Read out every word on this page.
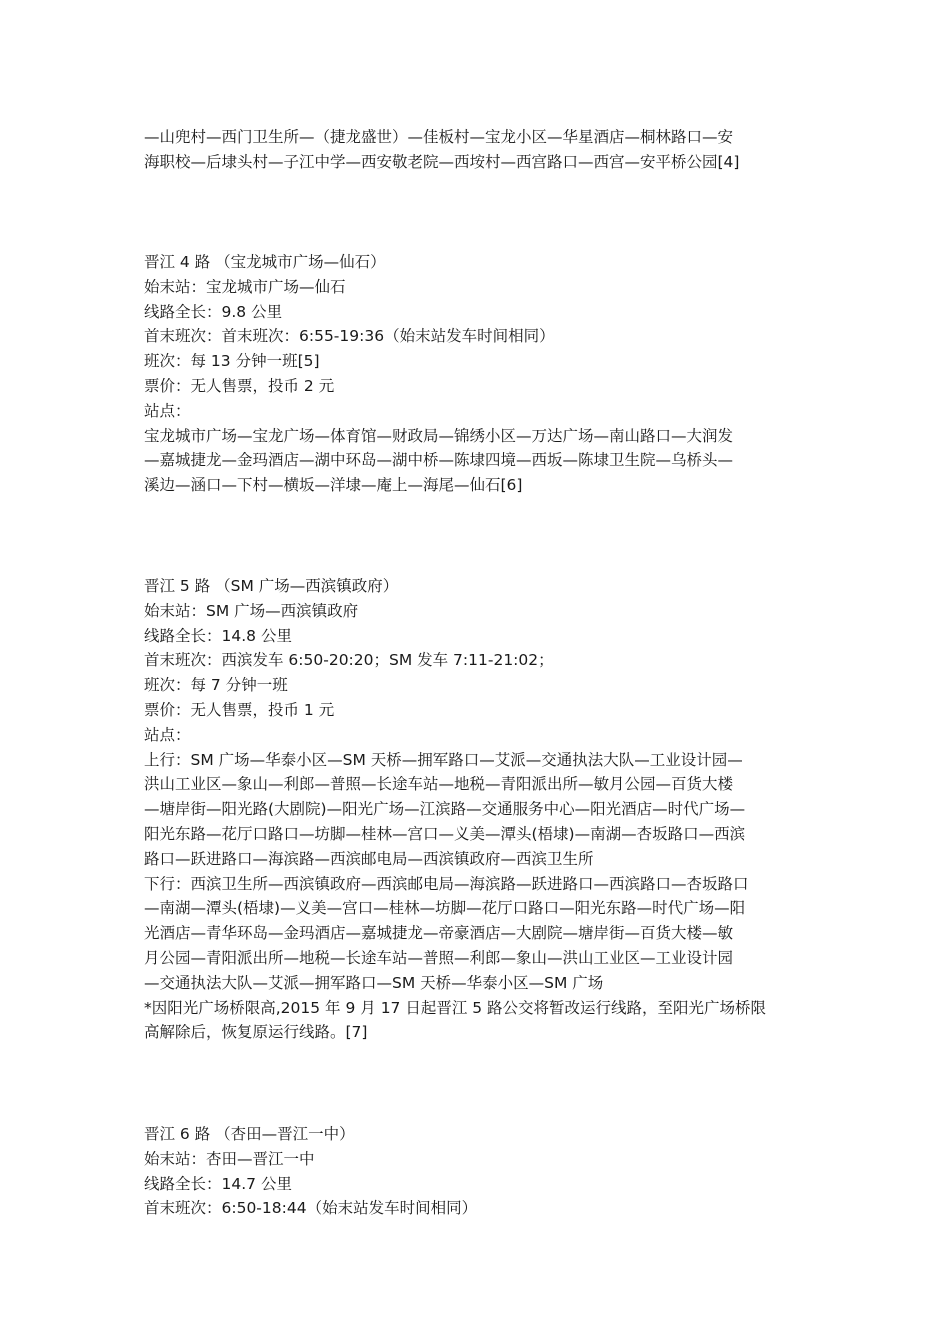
—山兜村—西门卫生所—（捷龙盛世）—佳板村—宝龙小区—华星酒店—桐林路口—安
海职校—后埭头村—子江中学—西安敬老院—西垵村—西宫路口—西宫—安平桥公园[4]
晋江 4 路 （宝龙城市广场—仙石）
始末站：宝龙城市广场—仙石
线路全长：9.8 公里
首末班次：首末班次：6:55-19:36（始末站发车时间相同）
班次：每 13 分钟一班[5]
票价：无人售票，投币 2 元
站点：
宝龙城市广场—宝龙广场—体育馆—财政局—锦绣小区—万达广场—南山路口—大润发
—嘉城捷龙—金玛酒店—湖中环岛—湖中桥—陈埭四境—西坂—陈埭卫生院—乌桥头—
溪边—涵口—下村—横坂—洋埭—庵上—海尾—仙石[6]
晋江 5 路 （SM 广场—西滨镇政府）
始末站：SM 广场—西滨镇政府
线路全长：14.8 公里
首末班次：西滨发车 6:50-20:20；SM 发车 7:11-21:02；
班次：每 7 分钟一班
票价：无人售票，投币 1 元
站点：
上行：SM 广场—华泰小区—SM 天桥—拥军路口—艾派—交通执法大队—工业设计园—
洪山工业区—象山—利郎—普照—长途车站—地税—青阳派出所—敏月公园—百货大楼
—塘岸街—阳光路(大剧院)—阳光广场—江滨路—交通服务中心—阳光酒店—时代广场—
阳光东路—花厅口路口—坊脚—桂林—宫口—义美—潭头(梧埭)—南湖—杏坂路口—西滨
路口—跃进路口—海滨路—西滨邮电局—西滨镇政府—西滨卫生所
下行：西滨卫生所—西滨镇政府—西滨邮电局—海滨路—跃进路口—西滨路口—杏坂路口
—南湖—潭头(梧埭)—义美—宫口—桂林—坊脚—花厅口路口—阳光东路—时代广场—阳
光酒店—青华环岛—金玛酒店—嘉城捷龙—帝豪酒店—大剧院—塘岸街—百货大楼—敏
月公园—青阳派出所—地税—长途车站—普照—利郎—象山—洪山工业区—工业设计园
—交通执法大队—艾派—拥军路口—SM 天桥—华泰小区—SM 广场
*因阳光广场桥限高,2015 年 9 月 17 日起晋江 5 路公交将暂改运行线路，至阳光广场桥限
高解除后，恢复原运行线路。[7]
晋江 6 路 （杏田—晋江一中）
始末站：杏田—晋江一中
线路全长：14.7 公里
首末班次：6:50-18:44（始末站发车时间相同）
